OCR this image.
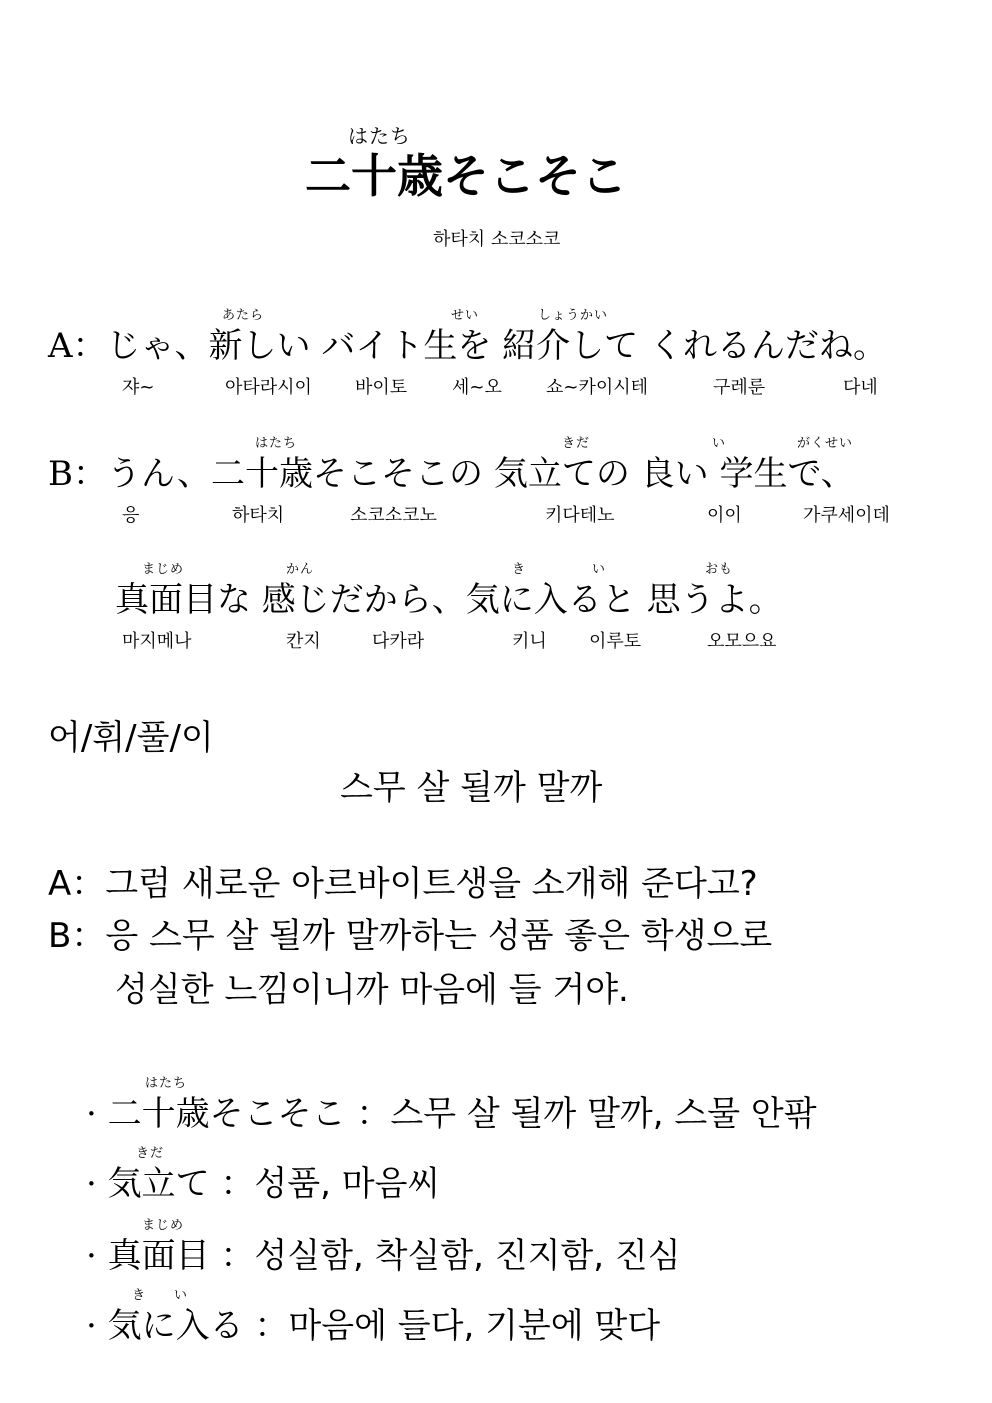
はたち
二十歳そこそこ
하타치 소코소코
あたら	せい	しょうかい
A：じゃ、新しい バイト生を 紹介して くれるんだね。
쟈~	아타라시이 바이토 세~오 쇼~카이시테	구레룬	다네
はたち	きだ	い	がくせい
B：うん、二十歳そこそこの 気立ての 良い 学生で、
응	하타치	소코소코노	키다테노	이이	가쿠세이데
まじめ	かん	き	い	おも
真面目な 感じだから、気に入ると 思うよ。
마지메나	칸지	다카라	키니 이루토	오모으요
어/휘/풀/이
스무 살 될까 말까
A：그럼 새로운 아르바이트생을 소개해 준다고?
B：응 스무 살 될까 말까하는 성품 좋은 학생으로
성실한 느낌이니까 마음에 들 거야.
はたち
· 二十歳そこそこ ：스무 살 될까 말까, 스물 안팎
きだ
· 気立て ：성품, 마음씨
まじめ
· 真面目 ：성실함, 착실함, 진지함, 진심
き　　い
· 気に入る ：마음에 들다, 기분에 맞다
